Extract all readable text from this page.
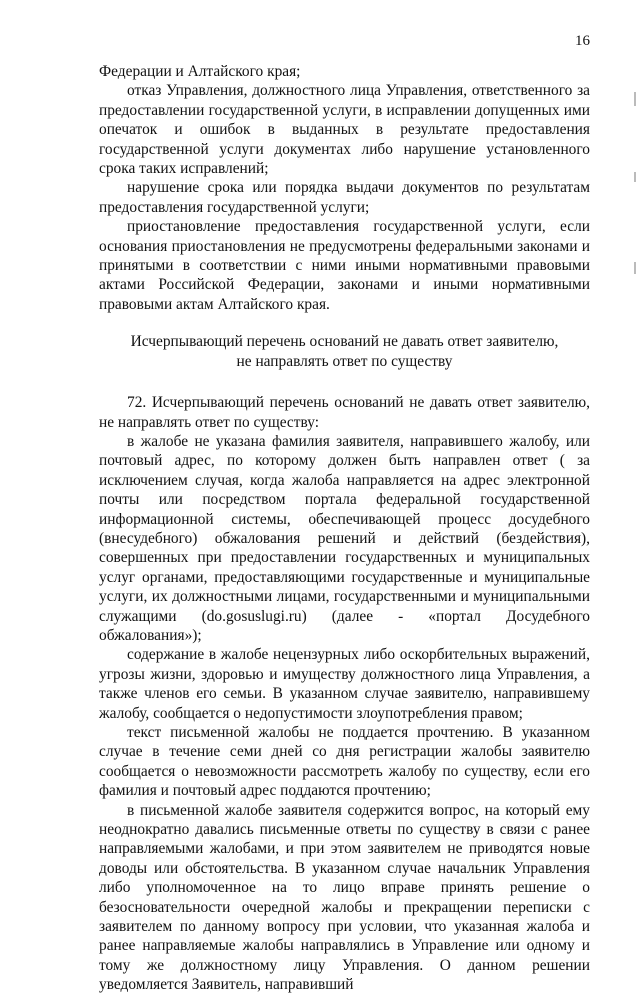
16

Федерации и Алтайского края;

отказ Управления, должностного лица Управления, ответственного за предоставлении государственной услуги, в исправлении допущенных ими опечаток и ошибок в выданных в результате предоставления государственной услуги документах либо нарушение установленного срока таких исправлений;

нарушение срока или порядка выдачи документов по результатам предоставления государственной услуги;

приостановление предоставления государственной услуги, если основания приостановления не предусмотрены федеральными законами и принятыми в соответствии с ними иными нормативными правовыми актами Российской Федерации, законами и иными нормативными правовыми актам Алтайского края.

Исчерпывающий перечень оснований не давать ответ заявителю,
не направлять ответ по существу

72. Исчерпывающий перечень оснований не давать ответ заявителю, не направлять ответ по существу:

в жалобе не указана фамилия заявителя, направившего жалобу, или почтовый адрес, по которому должен быть направлен ответ ( за исключением случая, когда жалоба направляется на адрес электронной почты или посредством портала федеральной государственной информационной системы, обеспечивающей процесс досудебного (внесудебного) обжалования решений и действий (бездействия), совершенных при предоставлении государственных и муниципальных услуг органами, предоставляющими государственные и муниципальные услуги, их должностными лицами, государственными и муниципальными служащими (do.gosuslugi.ru) (далее - «портал Досудебного обжалования»);

содержание в жалобе нецензурных либо оскорбительных выражений, угрозы жизни, здоровью и имуществу должностного лица Управления, а также членов его семьи. В указанном случае заявителю, направившему жалобу, сообщается о недопустимости злоупотребления правом;

текст письменной жалобы не поддается прочтению. В указанном случае в течение семи дней со дня регистрации жалобы заявителю сообщается о невозможности рассмотреть жалобу по существу, если его фамилия и почтовый адрес поддаются прочтению;

в письменной жалобе заявителя содержится вопрос, на который ему неоднократно давались письменные ответы по существу в связи с ранее направляемыми жалобами, и при этом заявителем не приводятся новые доводы или обстоятельства. В указанном случае начальник Управления либо уполномоченное на то лицо вправе принять решение о безосновательности очередной жалобы и прекращении переписки с заявителем по данному вопросу при условии, что указанная жалоба и ранее направляемые жалобы направлялись в Управление или одному и тому же должностному лицу Управления. О данном решении уведомляется Заявитель, направивший
